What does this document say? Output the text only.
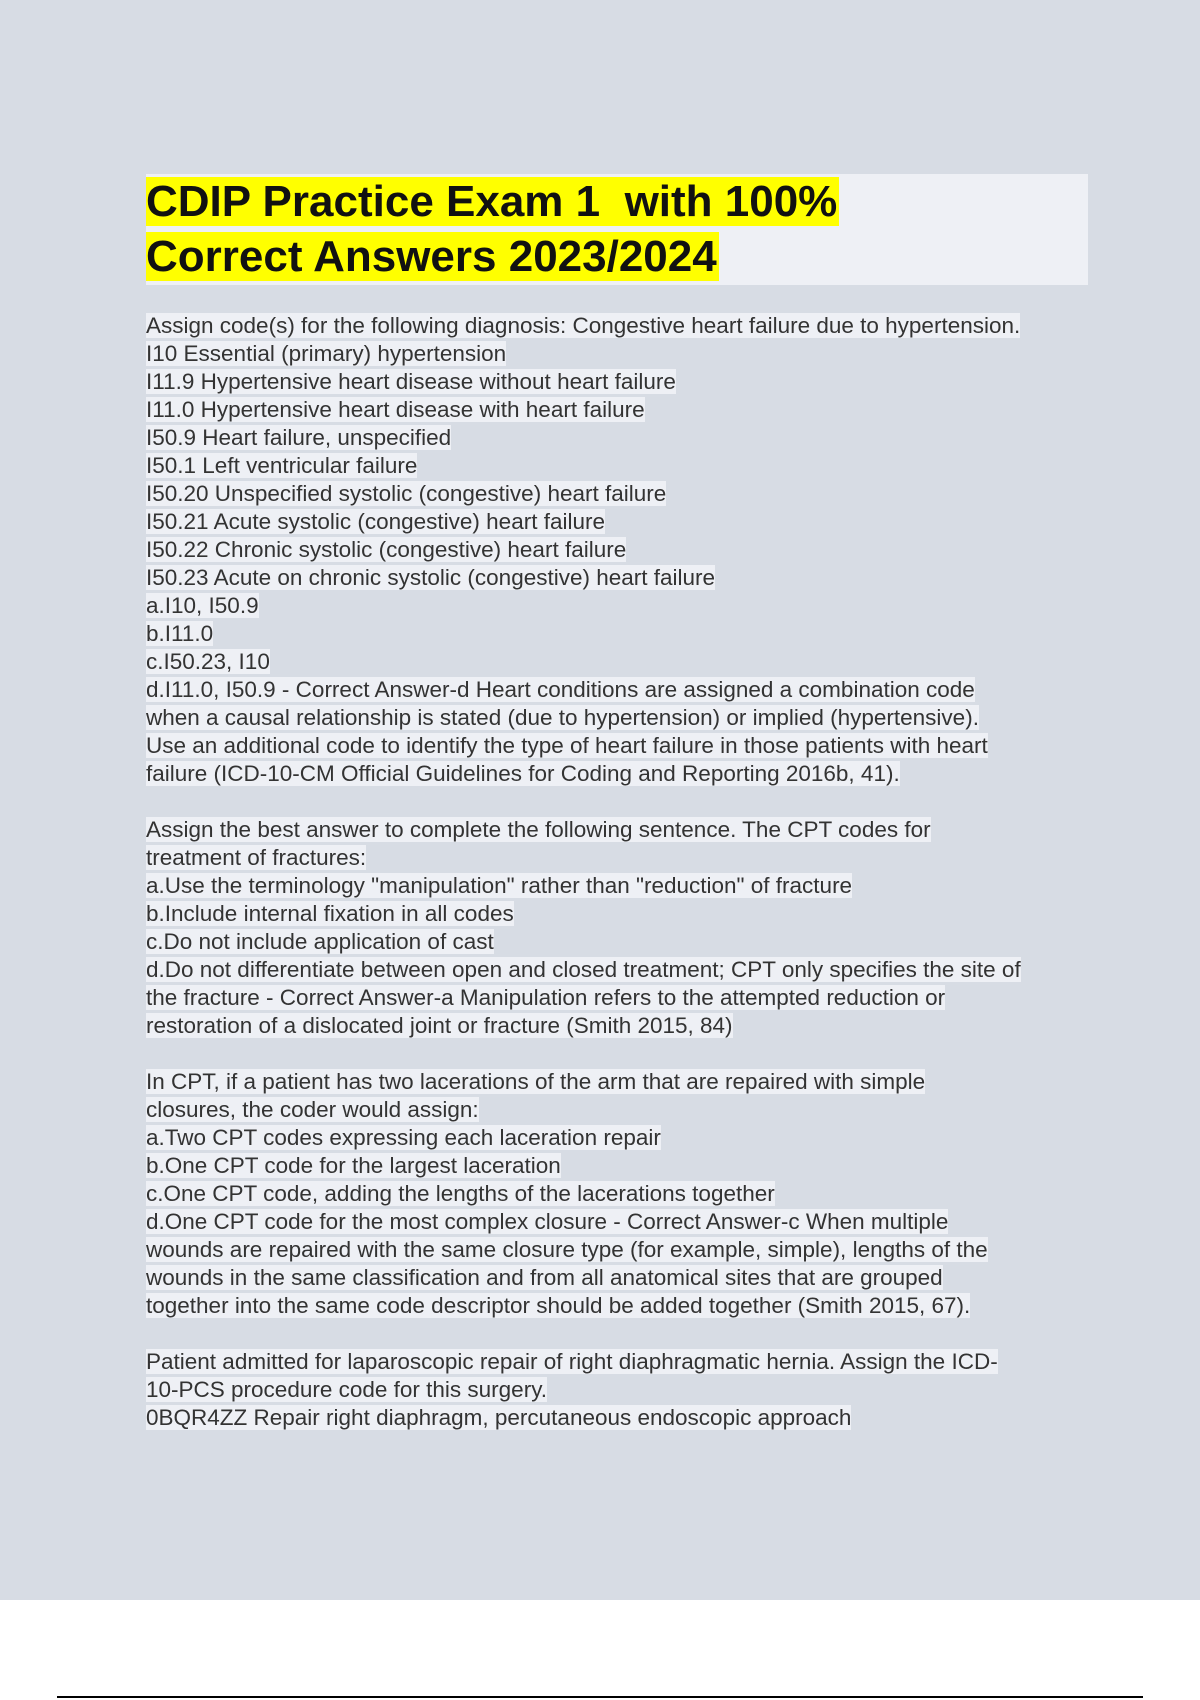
CDIP Practice Exam 1  with 100%
Correct Answers 2023/2024
Assign code(s) for the following diagnosis: Congestive heart failure due to hypertension.
I10 Essential (primary) hypertension
I11.9 Hypertensive heart disease without heart failure
I11.0 Hypertensive heart disease with heart failure
I50.9 Heart failure, unspecified
I50.1 Left ventricular failure
I50.20 Unspecified systolic (congestive) heart failure
I50.21 Acute systolic (congestive) heart failure
I50.22 Chronic systolic (congestive) heart failure
I50.23 Acute on chronic systolic (congestive) heart failure
a.I10, I50.9
b.I11.0
c.I50.23, I10
d.I11.0, I50.9 - Correct Answer-d Heart conditions are assigned a combination code
when a causal relationship is stated (due to hypertension) or implied (hypertensive).
Use an additional code to identify the type of heart failure in those patients with heart
failure (ICD-10-CM Official Guidelines for Coding and Reporting 2016b, 41).
Assign the best answer to complete the following sentence. The CPT codes for
treatment of fractures:
a.Use the terminology "manipulation" rather than "reduction" of fracture
b.Include internal fixation in all codes
c.Do not include application of cast
d.Do not differentiate between open and closed treatment; CPT only specifies the site of
the fracture - Correct Answer-a Manipulation refers to the attempted reduction or
restoration of a dislocated joint or fracture (Smith 2015, 84)
In CPT, if a patient has two lacerations of the arm that are repaired with simple
closures, the coder would assign:
a.Two CPT codes expressing each laceration repair
b.One CPT code for the largest laceration
c.One CPT code, adding the lengths of the lacerations together
d.One CPT code for the most complex closure - Correct Answer-c When multiple
wounds are repaired with the same closure type (for example, simple), lengths of the
wounds in the same classification and from all anatomical sites that are grouped
together into the same code descriptor should be added together (Smith 2015, 67).
Patient admitted for laparoscopic repair of right diaphragmatic hernia. Assign the ICD-
10-PCS procedure code for this surgery.
0BQR4ZZ Repair right diaphragm, percutaneous endoscopic approach
